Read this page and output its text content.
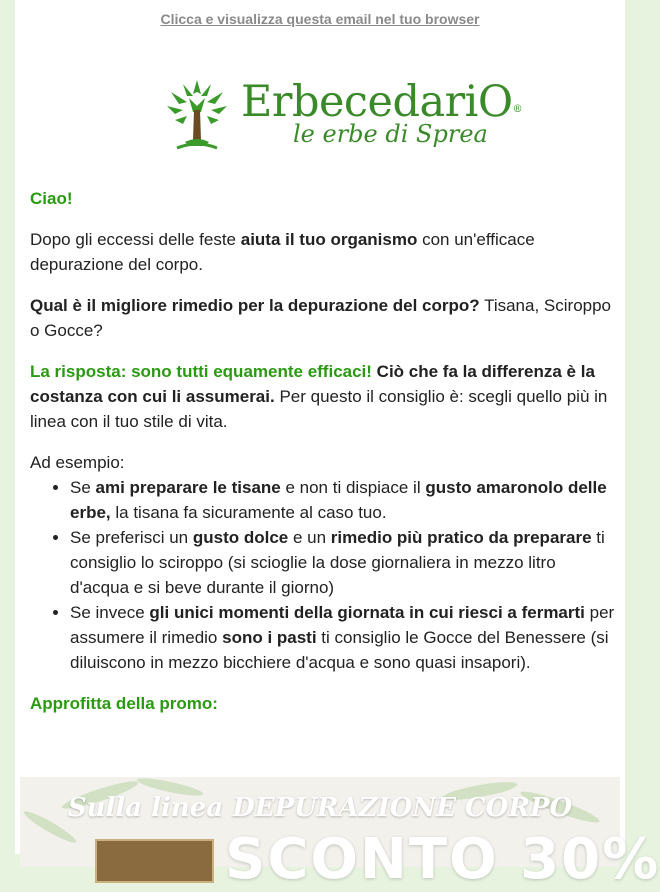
Clicca e visualizza questa email nel tuo browser
ErbecedariO®
le erbe di Sprea

Ciao!

Dopo gli eccessi delle feste aiuta il tuo organismo con un'efficace depurazione del corpo.

Qual è il migliore rimedio per la depurazione del corpo? Tisana, Sciroppo o Gocce?

La risposta: sono tutti equamente efficaci! Ciò che fa la differenza è la costanza con cui li assumerai. Per questo il consiglio è: scegli quello più in linea con il tuo stile di vita.

Ad esempio:
• Se ami preparare le tisane e non ti dispiace il gusto amaronolo delle erbe, la tisana fa sicuramente al caso tuo.
• Se preferisci un gusto dolce e un rimedio più pratico da preparare ti consiglio lo sciroppo (si scioglie la dose giornaliera in mezzo litro d'acqua e si beve durante il giorno)
• Se invece gli unici momenti della giornata in cui riesci a fermarti per assumere il rimedio sono i pasti ti consiglio le Gocce del Benessere (si diluiscono in mezzo bicchiere d'acqua e sono quasi insapori).

Approfitta della promo:

Sulla linea DEPURAZIONE CORPO
SCONTO 30%
